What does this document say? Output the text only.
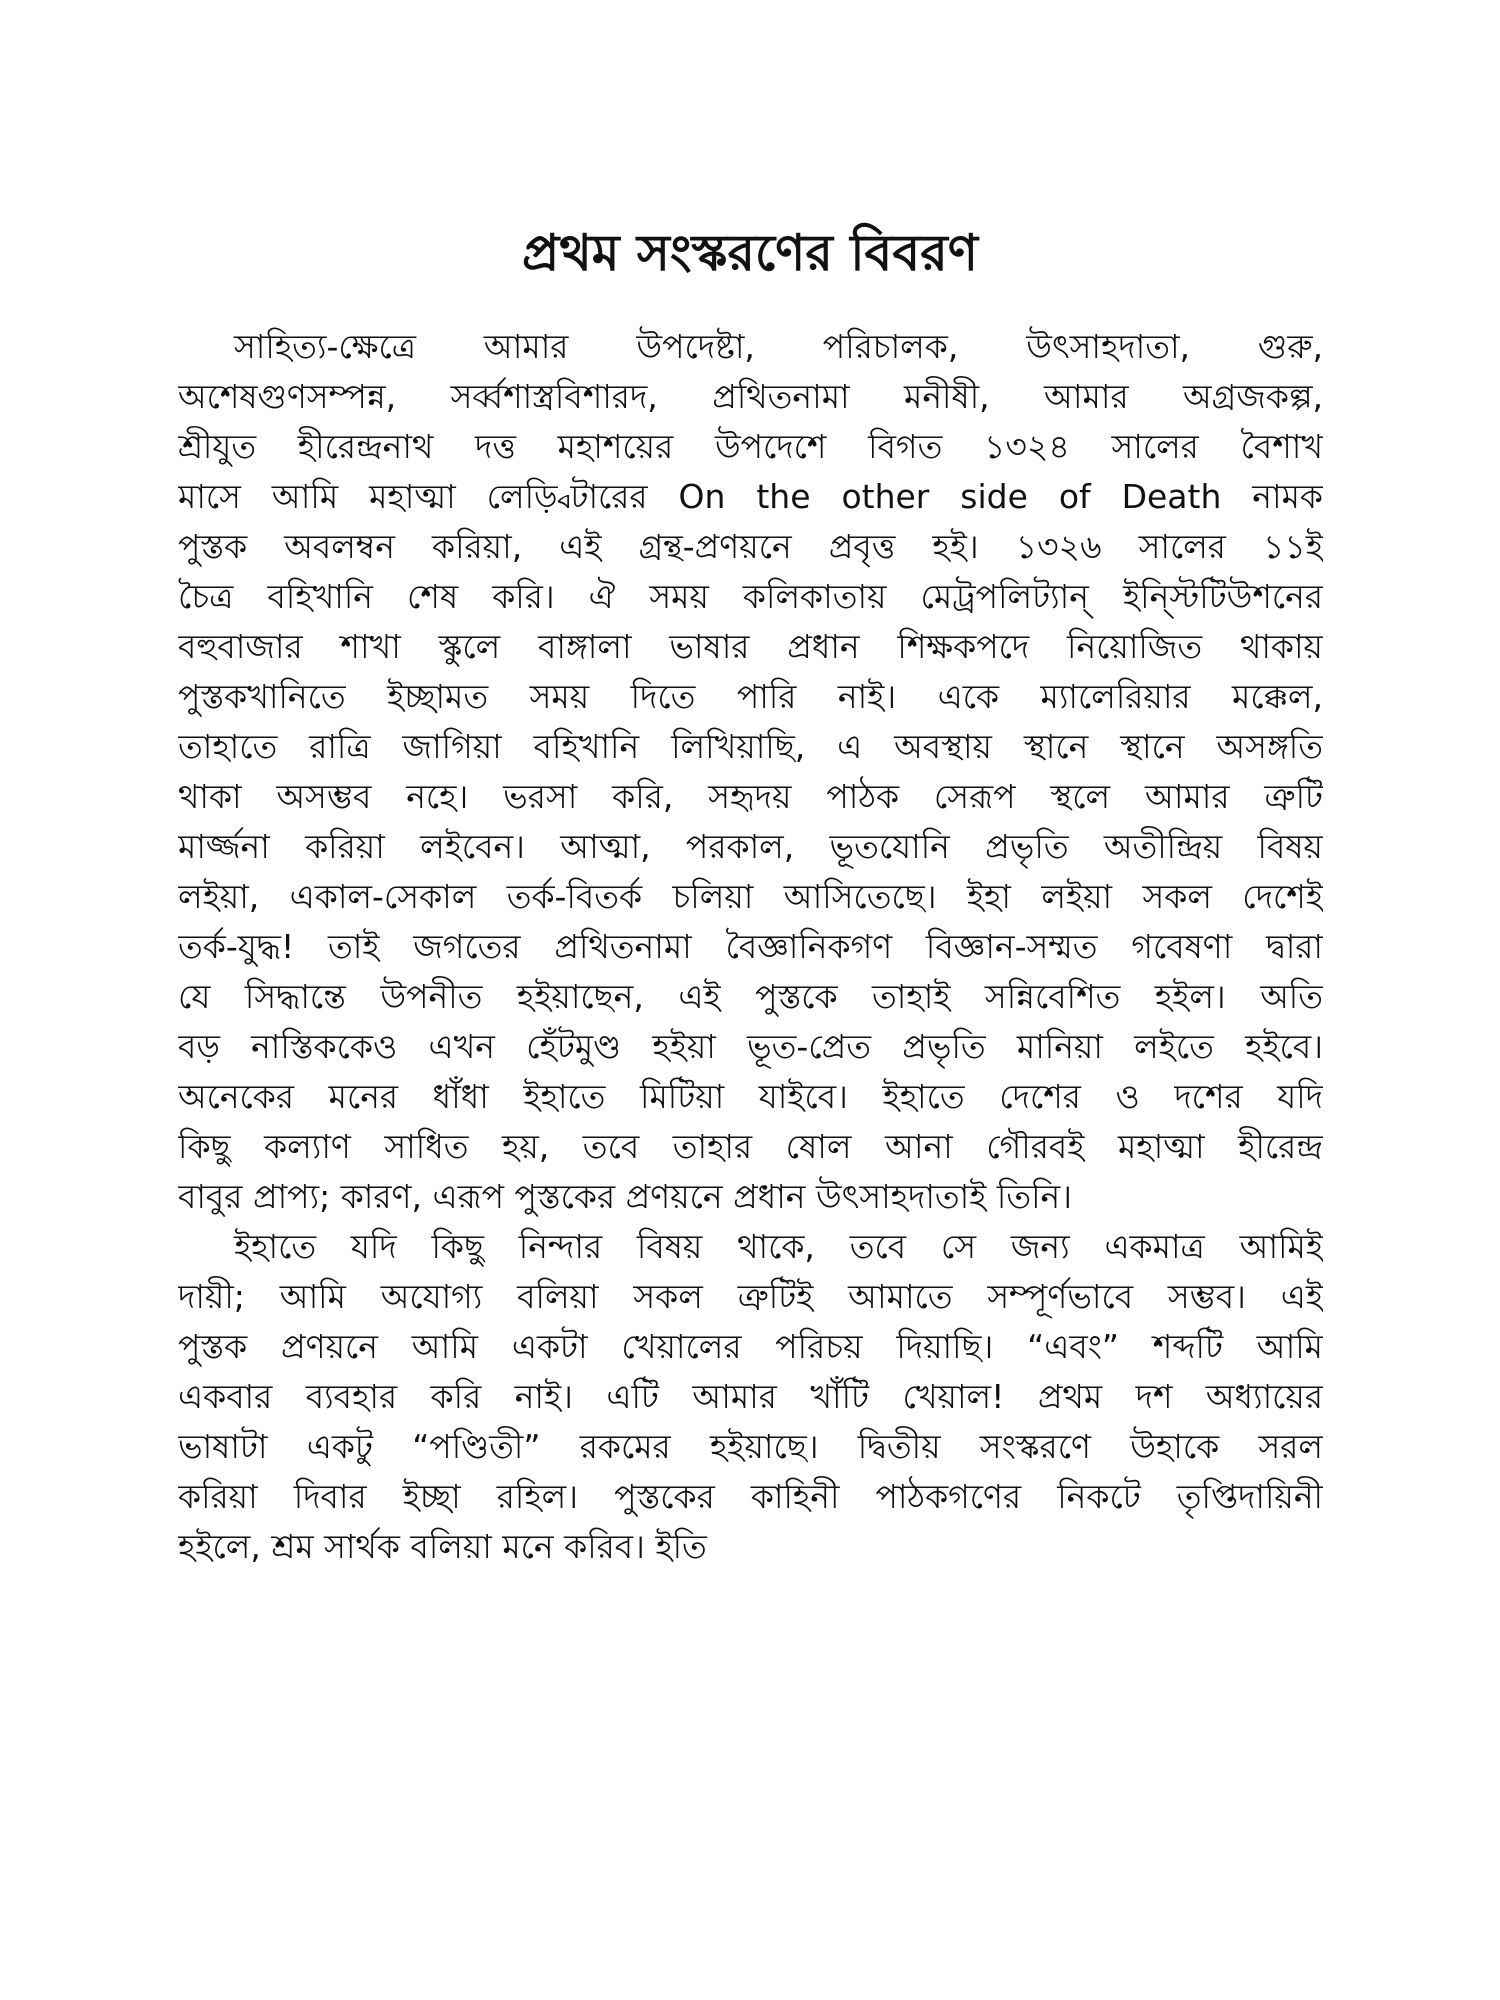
প্রথম সংস্করণের বিবরণ
সাহিত্য-ক্ষেত্রে আমার উপদেষ্টা, পরিচালক, উৎসাহদাতা, গুরু,
অশেষগুণসম্পন্ন, সর্ব্বশাস্ত্রবিশারদ, প্রথিতনামা মনীষী, আমার অগ্রজকল্প,
শ্রীযুত হীরেন্দ্রনাথ দত্ত মহাশয়ের উপদেশে বিগত ১৩২৪ সালের বৈশাখ
মাসে আমি মহাত্মা লেড়্বিটারের On the other side of Death নামক
পুস্তক অবলম্বন করিয়া, এই গ্রন্থ-প্রণয়নে প্রবৃত্ত হই। ১৩২৬ সালের ১১ই
চৈত্র বহিখানি শেষ করি। ঐ সময় কলিকাতায় মেট্রপলিট্যান্ ইন্স্টিটিউশনের
বহুবাজার শাখা স্কুলে বাঙ্গালা ভাষার প্রধান শিক্ষকপদে নিয়োজিত থাকায়
পুস্তকখানিতে ইচ্ছামত সময় দিতে পারি নাই। একে ম্যালেরিয়ার মক্কেল,
তাহাতে রাত্রি জাগিয়া বহিখানি লিখিয়াছি, এ অবস্থায় স্থানে স্থানে অসঙ্গতি
থাকা অসম্ভব নহে। ভরসা করি, সহৃদয় পাঠক সেরূপ স্থলে আমার ত্রুটি
মার্জ্জনা করিয়া লইবেন। আত্মা, পরকাল, ভূতযোনি প্রভৃতি অতীন্দ্রিয় বিষয়
লইয়া, একাল-সেকাল তর্ক-বিতর্ক চলিয়া আসিতেছে। ইহা লইয়া সকল দেশেই
তর্ক-যুদ্ধ! তাই জগতের প্রথিতনামা বৈজ্ঞানিকগণ বিজ্ঞান-সম্মত গবেষণা দ্বারা
যে সিদ্ধান্তে উপনীত হইয়াছেন, এই পুস্তকে তাহাই সন্নিবেশিত হইল। অতি
বড় নাস্তিককেও এখন হেঁটমুণ্ড হইয়া ভূত-প্রেত প্রভৃতি মানিয়া লইতে হইবে।
অনেকের মনের ধাঁধা ইহাতে মিটিয়া যাইবে। ইহাতে দেশের ও দশের যদি
কিছু কল্যাণ সাধিত হয়, তবে তাহার ষোল আনা গৌরবই মহাত্মা হীরেন্দ্র
বাবুর প্রাপ্য; কারণ, এরূপ পুস্তকের প্রণয়নে প্রধান উৎসাহদাতাই তিনি।
ইহাতে যদি কিছু নিন্দার বিষয় থাকে, তবে সে জন্য একমাত্র আমিই
দায়ী; আমি অযোগ্য বলিয়া সকল ত্রুটিই আমাতে সম্পূর্ণভাবে সম্ভব। এই
পুস্তক প্রণয়নে আমি একটা খেয়ালের পরিচয় দিয়াছি। “এবং” শব্দটি আমি
একবার ব্যবহার করি নাই। এটি আমার খাঁটি খেয়াল! প্রথম দশ অধ্যায়ের
ভাষাটা একটু “পণ্ডিতী” রকমের হইয়াছে। দ্বিতীয় সংস্করণে উহাকে সরল
করিয়া দিবার ইচ্ছা রহিল। পুস্তকের কাহিনী পাঠকগণের নিকটে তৃপ্তিদায়িনী
হইলে, শ্রম সার্থক বলিয়া মনে করিব। ইতি
